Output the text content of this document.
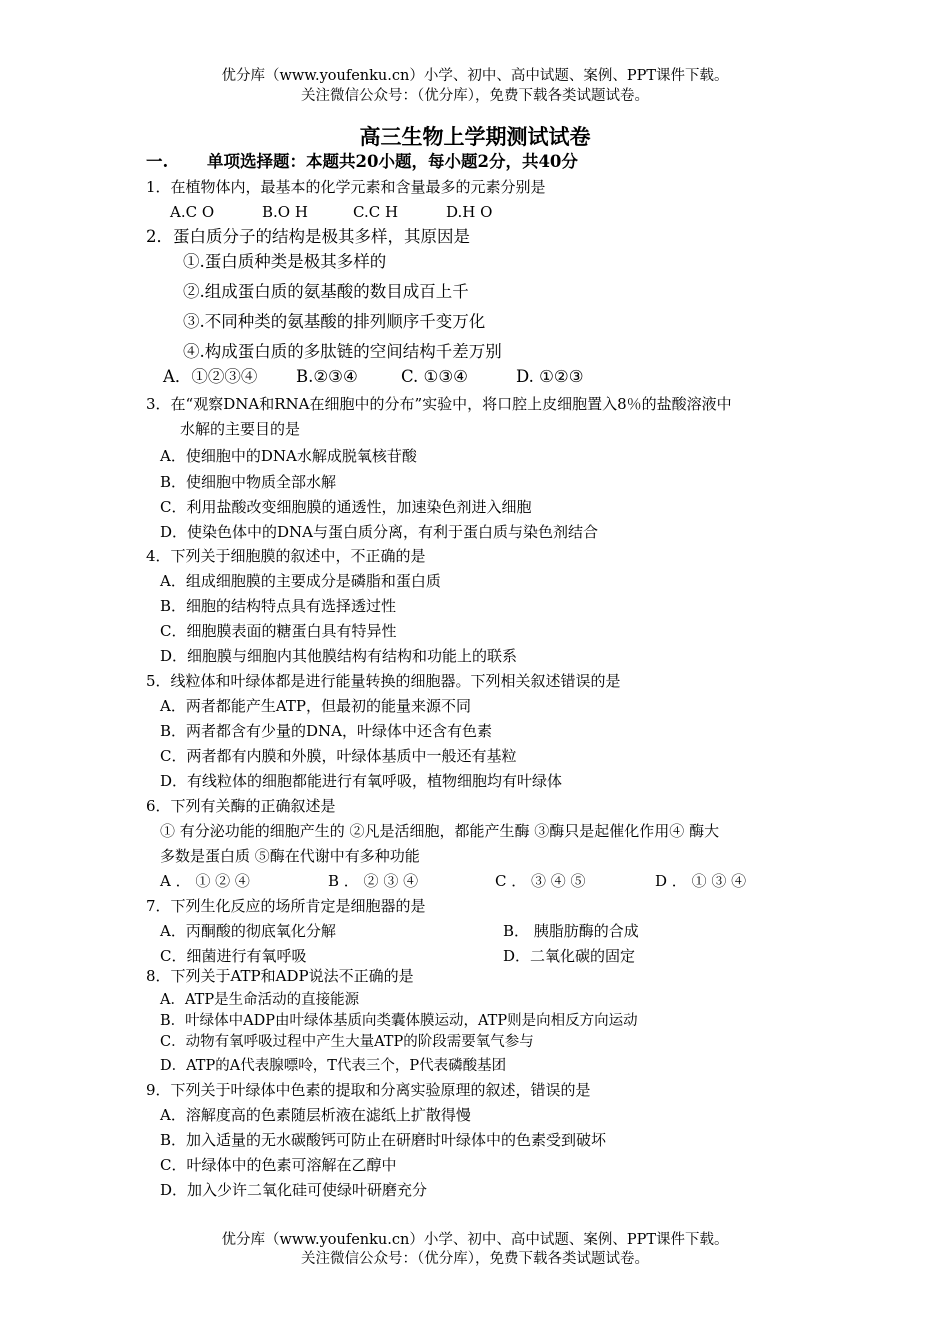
优分库（www.youfenku.cn）小学、初中、高中试题、案例、PPT课件下载。
关注微信公众号：（优分库），免费下载各类试题试卷。
高三生物上学期测试试卷
一. 单项选择题：本题共20小题，每小题2分，共40分
1．在植物体内，最基本的化学元素和含量最多的元素分别是
A.C O	B.O H	C.C H	D.H O
2．蛋白质分子的结构是极其多样，其原因是
①.蛋白质种类是极其多样的
②.组成蛋白质的氨基酸的数目成百上千
③.不同种类的氨基酸的排列顺序千变万化
④.构成蛋白质的多肽链的空间结构千差万别
A．①②③④ B.②③④	C. ①③④	D. ①②③
3．在“观察DNA和RNA在细胞中的分布”实验中，将口腔上皮细胞置入8％的盐酸溶液中
水解的主要目的是
A．使细胞中的DNA水解成脱氧核苷酸
B．使细胞中物质全部水解
C．利用盐酸改变细胞膜的通透性，加速染色剂进入细胞
D．使染色体中的DNA与蛋白质分离，有利于蛋白质与染色剂结合
4．下列关于细胞膜的叙述中，不正确的是
A．组成细胞膜的主要成分是磷脂和蛋白质
B．细胞的结构特点具有选择透过性
C．细胞膜表面的糖蛋白具有特异性
D．细胞膜与细胞内其他膜结构有结构和功能上的联系
5．线粒体和叶绿体都是进行能量转换的细胞器。下列相关叙述错误的是
A．两者都能产生ATP，但最初的能量来源不同
B．两者都含有少量的DNA，叶绿体中还含有色素
C．两者都有内膜和外膜，叶绿体基质中一般还有基粒
D．有线粒体的细胞都能进行有氧呼吸，植物细胞均有叶绿体
6．下列有关酶的正确叙述是
① 有分泌功能的细胞产生的 ②凡是活细胞，都能产生酶 ③酶只是起催化作用④ 酶大
多数是蛋白质 ⑤酶在代谢中有多种功能
A ． ① ② ④	B ． ② ③ ④	C ． ③ ④ ⑤	D ． ① ③ ④
7．下列生化反应的场所肯定是细胞器的是
A．丙酮酸的彻底氧化分解	B． 胰脂肪酶的合成
C．细菌进行有氧呼吸	D．二氧化碳的固定
8．下列关于ATP和ADP说法不正确的是
A．ATP是生命活动的直接能源
B．叶绿体中ADP由叶绿体基质向类囊体膜运动，ATP则是向相反方向运动
C．动物有氧呼吸过程中产生大量ATP的阶段需要氧气参与
D．ATP的A代表腺嘌呤，T代表三个，P代表磷酸基团
9．下列关于叶绿体中色素的提取和分离实验原理的叙述，错误的是
A．溶解度高的色素随层析液在滤纸上扩散得慢
B．加入适量的无水碳酸钙可防止在研磨时叶绿体中的色素受到破坏
C．叶绿体中的色素可溶解在乙醇中
D．加入少许二氧化硅可使绿叶研磨充分
优分库（www.youfenku.cn）小学、初中、高中试题、案例、PPT课件下载。
关注微信公众号：（优分库），免费下载各类试题试卷。
